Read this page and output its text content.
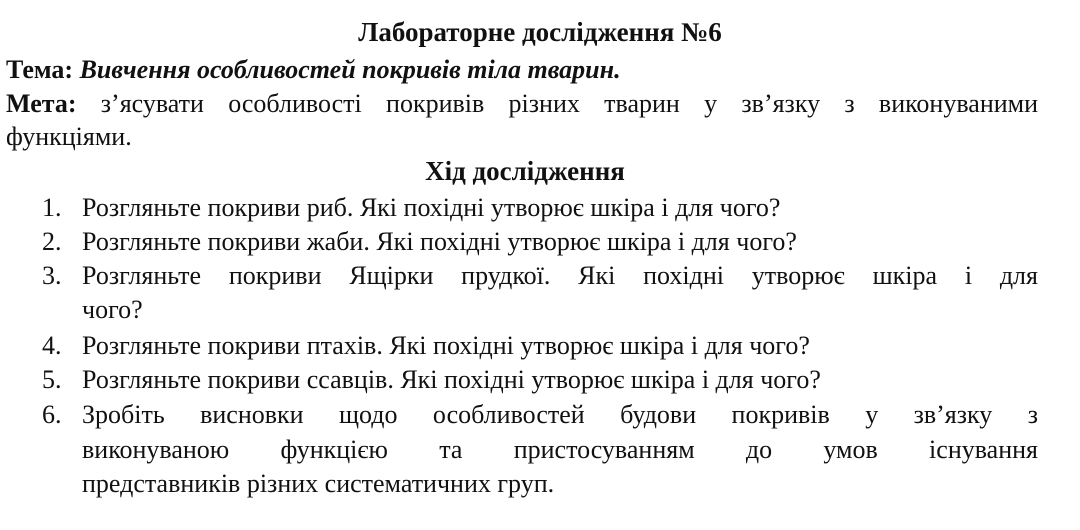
Лабораторне дослідження №6
Тема: Вивчення особливостей покривів тіла тварин.
Мета: з’ясувати особливості покривів різних тварин у зв’язку з виконуваними
функціями.
Хід дослідження
1. Розгляньте покриви риб. Які похідні утворює шкіра і для чого?
2. Розгляньте покриви жаби. Які похідні утворює шкіра і для чого?
3. Розгляньте покриви Ящірки прудкої. Які похідні утворює шкіра і для
чого?
4. Розгляньте покриви птахів. Які похідні утворює шкіра і для чого?
5. Розгляньте покриви ссавців. Які похідні утворює шкіра і для чого?
6. Зробіть висновки щодо особливостей будови покривів у зв’язку з
виконуваною функцією та пристосуванням до умов існування
представників різних систематичних груп.
